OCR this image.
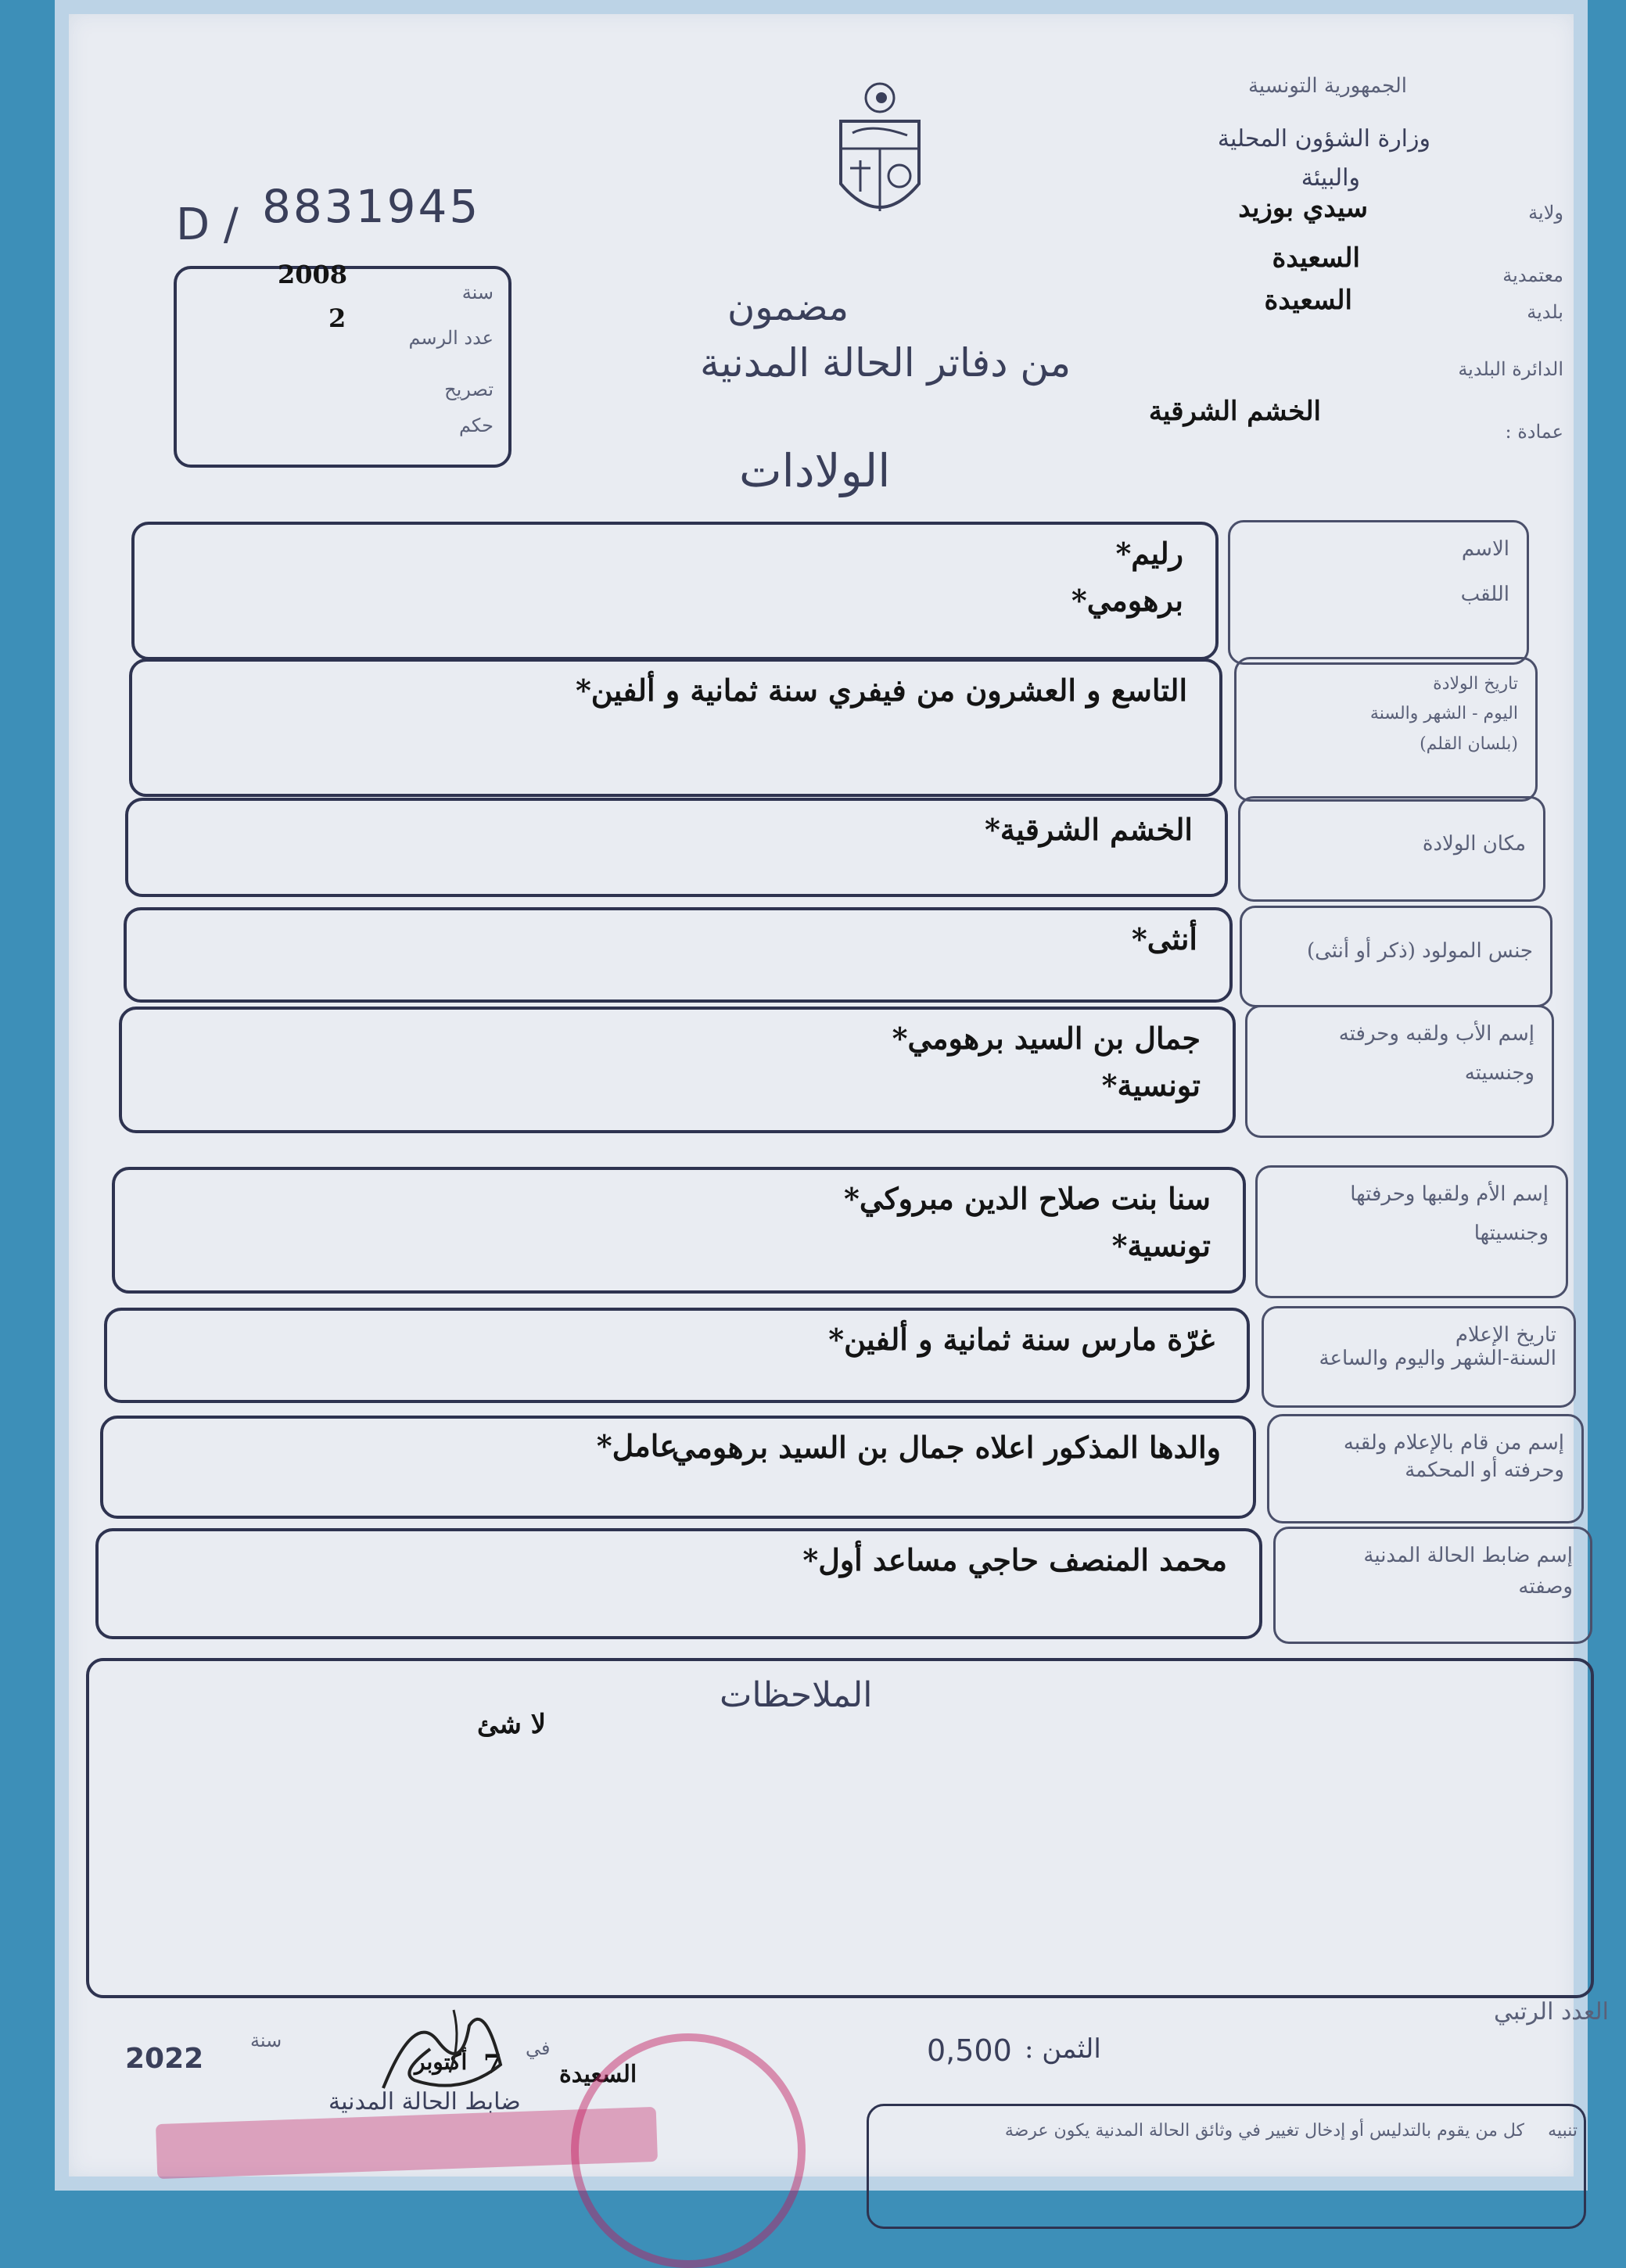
D / 8831945
2008
2
سنة
عدد الرسم
تصريح
حكم
الجمهورية التونسية
وزارة الشؤون المحلية
والبيئة
ولاية
سيدي بوزيد
معتمدية
السعيدة
بلدية
السعيدة
الدائرة البلدية
عمادة :
الخشم الشرقية
مضمون
من دفاتر الحالة المدنية
الولادات
الاسم
اللقب
رليم*
برهومي*
تاريخ الولادة
اليوم - الشهر والسنة
(بلسان القلم)
التاسع و العشرون من فيفري سنة ثمانية و ألفين*
مكان الولادة
الخشم الشرقية*
جنس المولود (ذكر أو أنثى)
أنثى*
إسم الأب ولقبه وحرفته
وجنسيته
جمال بن السيد برهومي*
تونسية*
إسم الأم ولقبها وحرفتها
وجنسيتها
سنا بنت صلاح الدين مبروكي*
تونسية*
تاريخ الإعلام
السنة-الشهر واليوم والساعة
غرّة مارس سنة ثمانية و ألفين*
إسم من قام بالإعلام ولقبه
وحرفته أو المحكمة
والدها المذكور اعلاه جمال بن السيد برهومي
عامل*
إسم ضابط الحالة المدنية
وصفته
محمد المنصف حاجي مساعد أول*
الملاحظات
لا شئ
العدد الرتبي
الثمن :
0,500
السعيدة
في
7
أكتوبر
سنة
2022
ضابط الحالة المدنية
تنبيه
كل من يقوم بالتدليس أو إدخال تغيير في وثائق الحالة المدنية يكون عرضة
